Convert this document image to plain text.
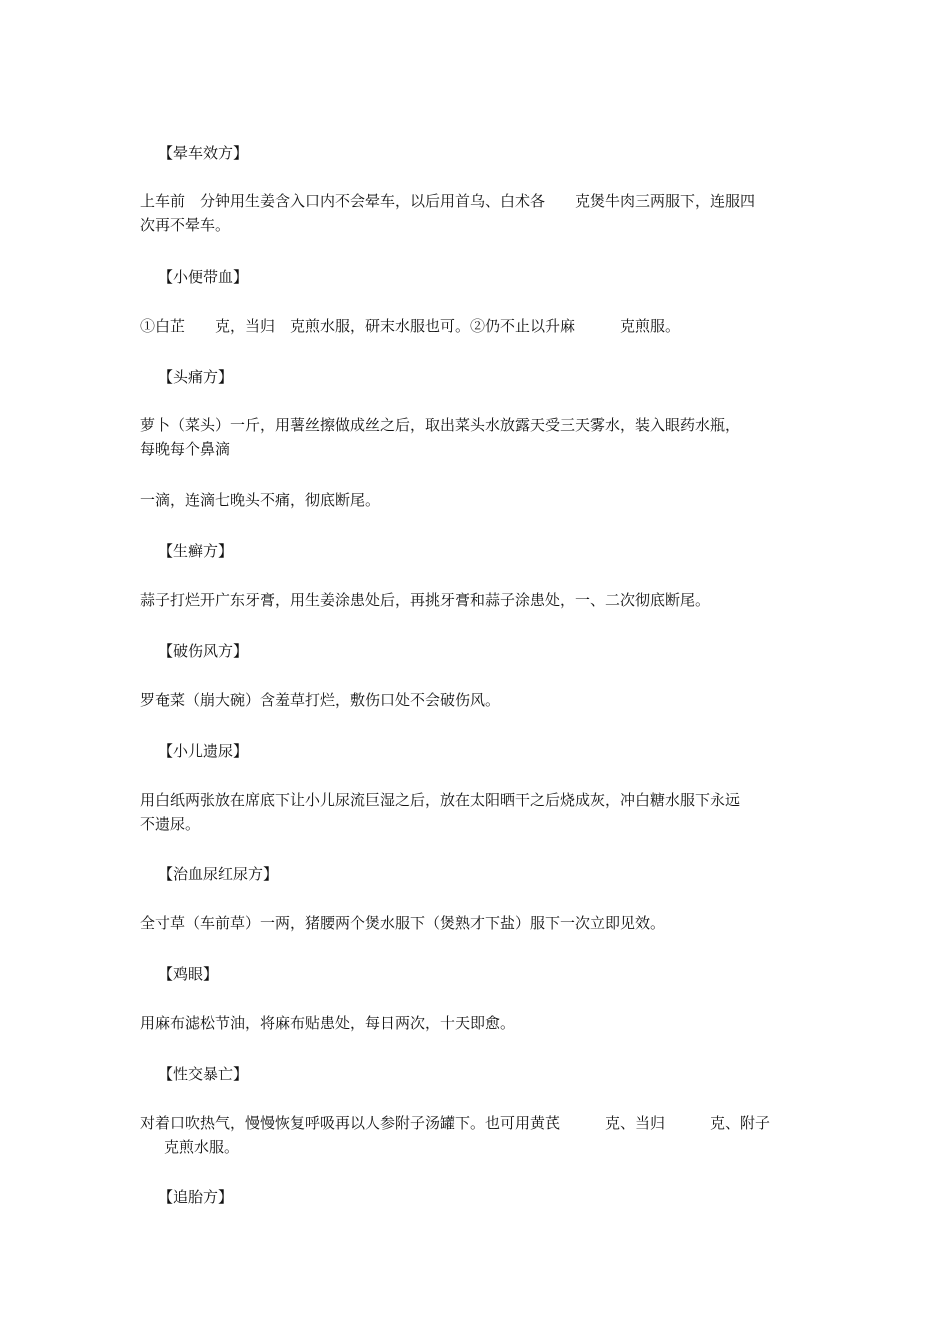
【晕车效方】
上车前　分钟用生姜含入口内不会晕车，以后用首乌、白术各　　克煲牛肉三两服下，连服四
次再不晕车。
【小便带血】
①白芷　　克，当归　克煎水服，研末水服也可。②仍不止以升麻　　　克煎服。
【头痛方】
萝卜（菜头）一斤，用薯丝擦做成丝之后，取出菜头水放露天受三天雾水，装入眼药水瓶，
每晚每个鼻滴
一滴，连滴七晚头不痛，彻底断尾。
【生癣方】
蒜子打烂开广东牙膏，用生姜涂患处后，再挑牙膏和蒜子涂患处，一、二次彻底断尾。
【破伤风方】
罗奄菜（崩大碗）含羞草打烂，敷伤口处不会破伤风。
【小儿遗尿】
用白纸两张放在席底下让小儿尿流巨湿之后，放在太阳晒干之后烧成灰，冲白糖水服下永远
不遗尿。
【治血尿红尿方】
全寸草（车前草）一两，猪腰两个煲水服下（煲熟才下盐）服下一次立即见效。
【鸡眼】
用麻布滤松节油，将麻布贴患处，每日两次，十天即愈。
【性交暴亡】
对着口吹热气，慢慢恢复呼吸再以人参附子汤罐下。也可用黄芪　　　克、当归　　　克、附子
克煎水服。
【追胎方】
